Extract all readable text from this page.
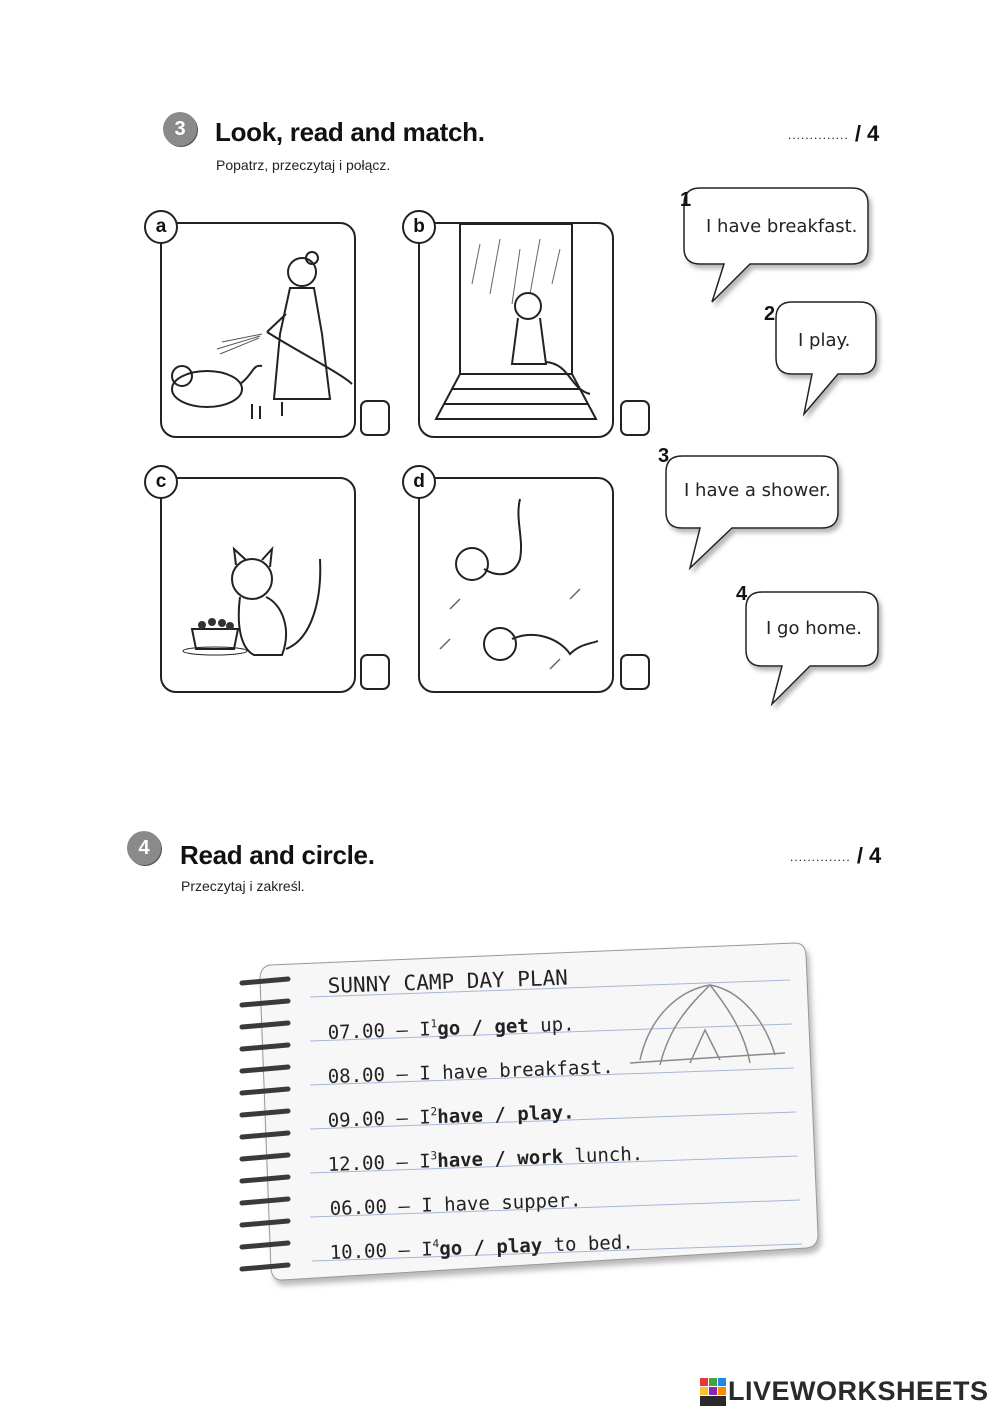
3	Look, read and match.
Popatrz, przeczytaj i połącz.
.............. / 4
a	b
c	d
1
I have breakfast.
2
I play.
3
I have a shower.
4
I go home.
4	Read and circle.
Przeczytaj i zakreśl.
.............. / 4
SUNNY CAMP DAY PLAN
$07.00 - I^1go$ / get up.
08.00 – I have breakfast.
$09.00 - I^2have$ / play.
$12.00 - I^3have$ / work lunch.
06.00 – I have supper.
$10.00 - I^4go$ / play to bed.
LIVEWORKSHEETS
